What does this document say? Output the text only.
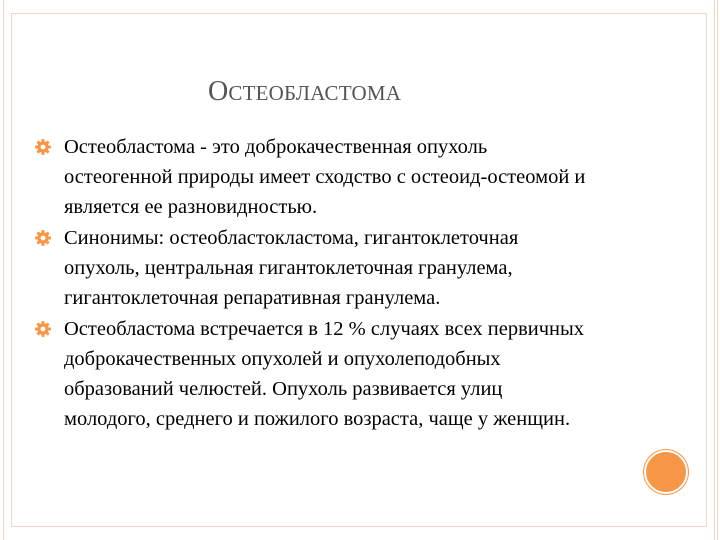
ОСТЕОБЛАСТОМА
Остеобластома - это доброкачественная опухоль
остеогенной природы имеет сходство с остеоид-остеомой и
является ее разновидностью.
Синонимы: остеобластокластома, гигантоклеточная
опухоль, центральная гигантоклеточная гранулема,
гигантоклеточная репаративная гранулема.
Остеобластома встречается в 12 % случаях всех первичных
доброкачественных опухолей и опухолеподобных
образований челюстей. Опухоль развивается улиц
молодого, среднего и пожилого возраста, чаще у женщин.
